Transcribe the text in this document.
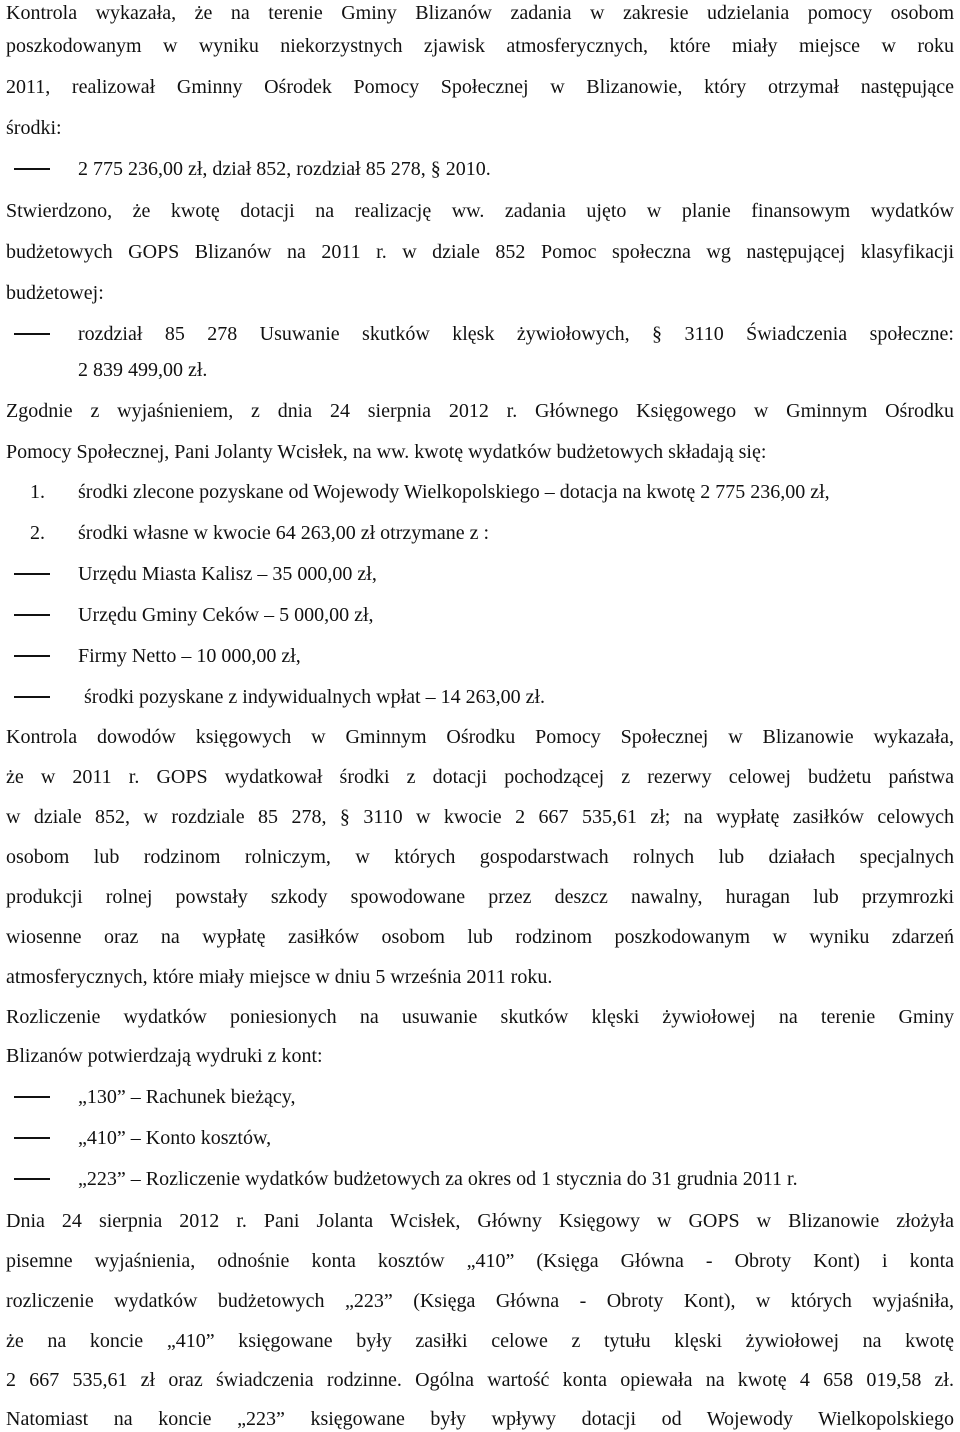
Kontrola wykazała, że na terenie Gminy Blizanów zadania w zakresie udzielania pomocy osobom
poszkodowanym w wyniku niekorzystnych zjawisk atmosferycznych, które miały miejsce w roku
2011, realizował Gminny Ośrodek Pomocy Społecznej w Blizanowie, który otrzymał następujące
środki:
2 775 236,00 zł, dział 852, rozdział 85 278, § 2010.
Stwierdzono, że kwotę dotacji na realizację ww. zadania ujęto w planie finansowym wydatków
budżetowych GOPS Blizanów na 2011 r. w dziale 852 Pomoc społeczna wg następującej klasyfikacji
budżetowej:
rozdział 85 278 Usuwanie skutków klęsk żywiołowych, § 3110 Świadczenia społeczne:
2 839 499,00 zł.
Zgodnie z wyjaśnieniem, z dnia 24 sierpnia 2012 r. Głównego Księgowego w Gminnym Ośrodku
Pomocy Społecznej, Pani Jolanty Wcisłek, na ww. kwotę wydatków budżetowych składają się:
1. środki zlecone pozyskane od Wojewody Wielkopolskiego – dotacja na kwotę 2 775 236,00 zł,
2. środki własne w kwocie 64 263,00 zł otrzymane z :
Urzędu Miasta Kalisz – 35 000,00 zł,
Urzędu Gminy Ceków – 5 000,00 zł,
Firmy Netto – 10 000,00 zł,
środki pozyskane z indywidualnych wpłat – 14 263,00 zł.
Kontrola dowodów księgowych w Gminnym Ośrodku Pomocy Społecznej w Blizanowie wykazała,
że w 2011 r. GOPS wydatkował środki z dotacji pochodzącej z rezerwy celowej budżetu państwa
w dziale 852, w rozdziale 85 278, § 3110 w kwocie 2 667 535,61 zł; na wypłatę zasiłków celowych
osobom lub rodzinom rolniczym, w których gospodarstwach rolnych lub działach specjalnych
produkcji rolnej powstały szkody spowodowane przez deszcz nawalny, huragan lub przymrozki
wiosenne oraz na wypłatę zasiłków osobom lub rodzinom poszkodowanym w wyniku zdarzeń
atmosferycznych, które miały miejsce w dniu 5 września 2011 roku.
Rozliczenie wydatków poniesionych na usuwanie skutków klęski żywiołowej na terenie Gminy
Blizanów potwierdzają wydruki z kont:
„130” – Rachunek bieżący,
„410” – Konto kosztów,
„223” – Rozliczenie wydatków budżetowych za okres od 1 stycznia do 31 grudnia 2011 r.
Dnia 24 sierpnia 2012 r. Pani Jolanta Wcisłek, Główny Księgowy w GOPS w Blizanowie złożyła
pisemne wyjaśnienia, odnośnie konta kosztów „410” (Księga Główna - Obroty Kont) i konta
rozliczenie wydatków budżetowych „223” (Księga Główna - Obroty Kont), w których wyjaśniła,
że na koncie „410” księgowane były zasiłki celowe z tytułu klęski żywiołowej na kwotę
2 667 535,61 zł oraz świadczenia rodzinne. Ogólna wartość konta opiewała na kwotę 4 658 019,58 zł.
Natomiast na koncie „223” księgowane były wpływy dotacji od Wojewody Wielkopolskiego
